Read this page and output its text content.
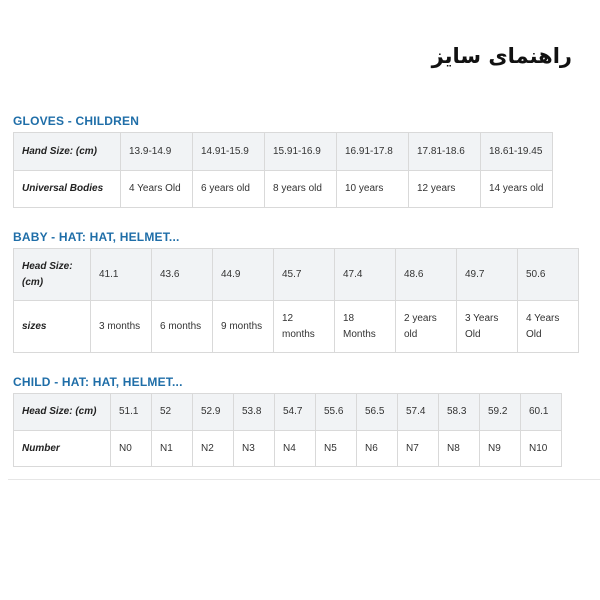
راهنمای سایز
GLOVES - CHILDREN
Hand Size: (cm)	13.9-14.9	14.91-15.9	15.91-16.9	16.91-17.8	17.81-18.6	18.61-19.45
Universal Bodies	4 Years Old	6 years old	8 years old	10 years	12 years	14 years old
BABY - HAT: HAT, HELMET...
Head Size: (cm)	41.1	43.6	44.9	45.7	47.4	48.6	49.7	50.6
sizes	3 months	6 months	9 months	12 months	18 Months	2 years old	3 Years Old	4 Years Old
CHILD - HAT: HAT, HELMET...
Head Size: (cm)	51.1	52	52.9	53.8	54.7	55.6	56.5	57.4	58.3	59.2	60.1
Number	N0	N1	N2	N3	N4	N5	N6	N7	N8	N9	N10
